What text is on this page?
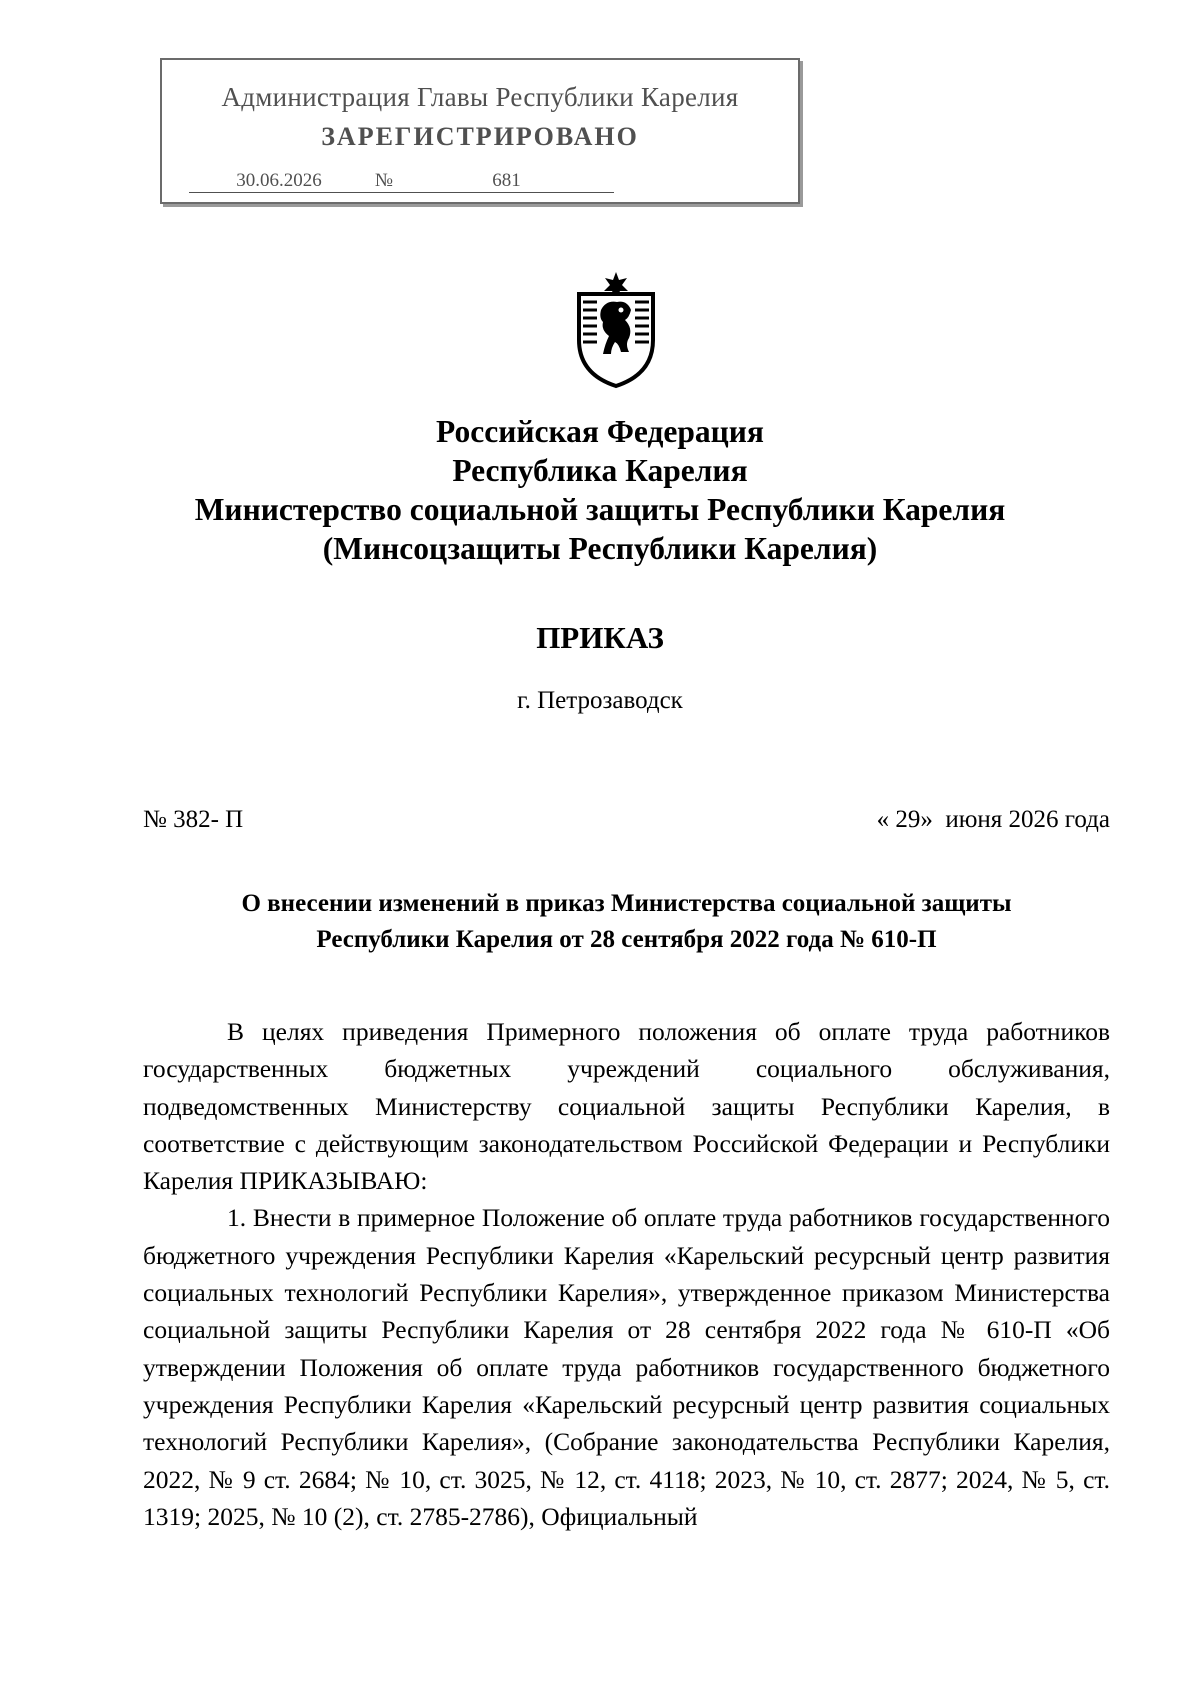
Администрация Главы Республики Карелия
ЗАРЕГИСТРИРОВАНО
30.06.2026	№	681
Российская Федерация
Республика Карелия
Министерство социальной защиты Республики Карелия
(Минсоцзащиты Республики Карелия)
ПРИКАЗ
г. Петрозаводск
№ 382- П	« 29»  июня 2026 года
О внесении изменений в приказ Министерства социальной защиты
Республики Карелия от 28 сентября 2022 года № 610-П

В целях приведения Примерного положения об оплате труда работников государственных бюджетных учреждений социального обслуживания, подведомственных Министерству социальной защиты Республики Карелия, в соответствие с действующим законодательством Российской Федерации и Республики Карелия ПРИКАЗЫВАЮ:

1. Внести в примерное Положение об оплате труда работников государственного бюджетного учреждения Республики Карелия «Карельский ресурсный центр развития социальных технологий Республики Карелия», утвержденное приказом Министерства социальной защиты Республики Карелия от 28 сентября 2022 года № 610-П «Об утверждении Положения об оплате труда работников государственного бюджетного учреждения Республики Карелия «Карельский ресурсный центр развития социальных технологий Республики Карелия», (Собрание законодательства Республики Карелия, 2022, № 9 ст. 2684; № 10, ст. 3025, № 12, ст. 4118; 2023, № 10, ст. 2877; 2024, № 5, ст. 1319; 2025, № 10 (2), ст. 2785-2786), Официальный
